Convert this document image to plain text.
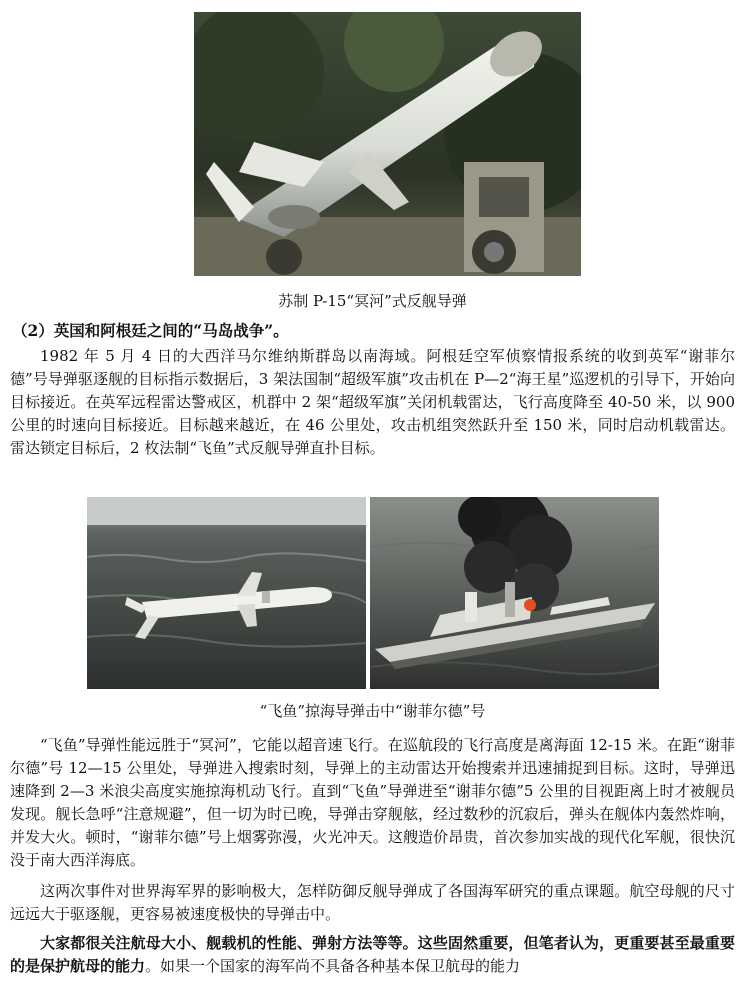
苏制 P-15“冥河”式反舰导弹
（2）英国和阿根廷之间的“马岛战争”。

1982 年 5 月 4 日的大西洋马尔维纳斯群岛以南海域。阿根廷空军侦察情报系统的收到英军“谢菲尔德”号导弹驱逐舰的目标指示数据后，3 架法国制“超级军旗”攻击机在 P—2“海王星”巡逻机的引导下，开始向目标接近。在英军远程雷达警戒区，机群中 2 架“超级军旗”关闭机载雷达，飞行高度降至 40-50 米，以 900 公里的时速向目标接近。目标越来越近，在 46 公里处，攻击机组突然跃升至 150 米，同时启动机载雷达。雷达锁定目标后，2 枚法制“飞鱼”式反舰导弹直扑目标。

“飞鱼”掠海导弹击中“谢菲尔德”号

“飞鱼”导弹性能远胜于“冥河”，它能以超音速飞行。在巡航段的飞行高度是离海面 12-15 米。在距“谢菲尔德”号 12—15 公里处，导弹进入搜索时刻，导弹上的主动雷达开始搜索并迅速捕捉到目标。这时，导弹迅速降到 2—3 米浪尖高度实施掠海机动飞行。直到“飞鱼”导弹进至“谢菲尔德”5 公里的目视距离上时才被舰员发现。舰长急呼“注意规避”，但一切为时已晚，导弹击穿舰舷，经过数秒的沉寂后，弹头在舰体内轰然炸响，并发大火。顿时，“谢菲尔德”号上烟雾弥漫，火光冲天。这艘造价昂贵，首次参加实战的现代化军舰，很快沉没于南大西洋海底。

这两次事件对世界海军界的影响极大，怎样防御反舰导弹成了各国海军研究的重点课题。航空母舰的尺寸远远大于驱逐舰，更容易被速度极快的导弹击中。

大家都很关注航母大小、舰载机的性能、弹射方法等等。这些固然重要，但笔者认为，更重要甚至最重要的是保护航母的能力。如果一个国家的海军尚不具备各种基本保卫航母的能力
